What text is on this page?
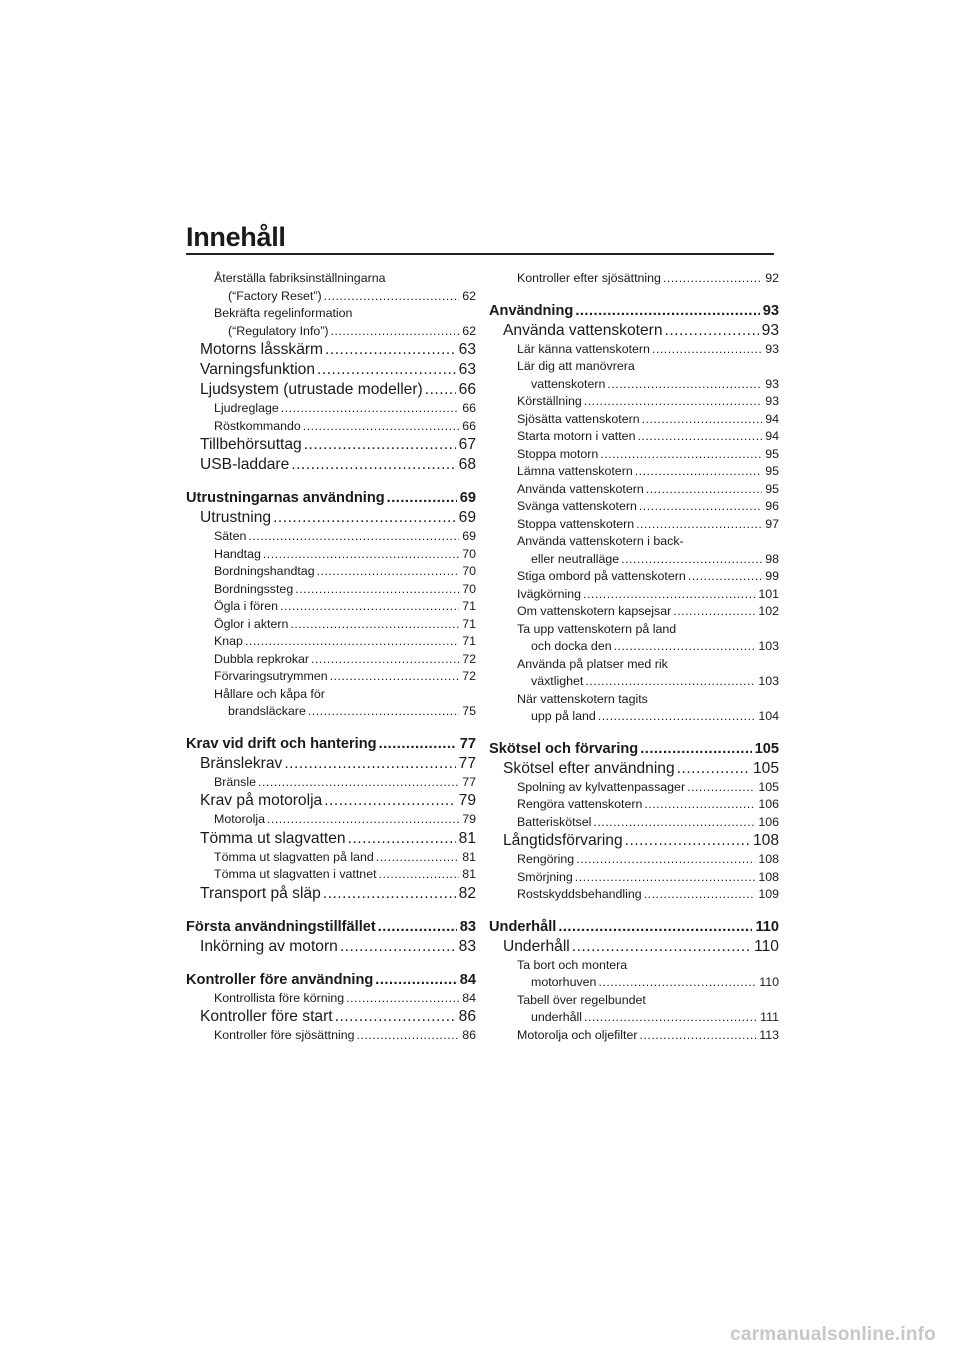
Innehåll
Återställa fabriksinställningarna
(“Factory Reset”) .....	62
Bekräfta regelinformation
(“Regulatory Info”) .....	62
Motorns låsskärm .....	63
Varningsfunktion .....	63
Ljudsystem (utrustade modeller) ..... 66
Ljudreglage .....	66
Röstkommando .....	66
Tillbehörsuttag .....	67
USB-laddare .....	68
Utrustningarnas användning .....	69
Utrustning .....	69
Säten .....	69
Handtag .....	70
Bordningshandtag .....	70
Bordningssteg .....	70
Ögla i fören .....	71
Öglor i aktern .....	71
Knap .....	71
Dubbla repkrokar .....	72
Förvaringsutrymmen .....	72
Hållare och kåpa för
brandsläckare .....	75
Krav vid drift och hantering .....	77
Bränslekrav .....	77
Bränsle .....	77
Krav på motorolja .....	79
Motorolja .....	79
Tömma ut slagvatten .....	81
Tömma ut slagvatten på land .....	81
Tömma ut slagvatten i vattnet .....	81
Transport på släp .....	82
Första användningstillfället .....	83
Inkörning av motorn .....	83
Kontroller före användning .....	84
Kontrollista före körning .....	84
Kontroller före start .....	86
Kontroller före sjösättning .....	86
Kontroller efter sjösättning .....	92
Användning .....	93
Använda vattenskotern .....	93
Lär känna vattenskotern .....	93
Lär dig att manövrera
vattenskotern .....	93
Körställning .....	93
Sjösätta vattenskotern .....	94
Starta motorn i vatten .....	94
Stoppa motorn .....	95
Lämna vattenskotern .....	95
Använda vattenskotern .....	95
Svänga vattenskotern .....	96
Stoppa vattenskotern .....	97
Använda vattenskotern i back-
eller neutralläge .....	98
Stiga ombord på vattenskotern .....	99
Ivägkörning .....	101
Om vattenskotern kapsejsar .....	102
Ta upp vattenskotern på land
och docka den .....	103
Använda på platser med rik
växtlighet .....	103
När vattenskotern tagits
upp på land .....	104
Skötsel och förvaring .....	105
Skötsel efter användning .....	105
Spolning av kylvattenpassager .....	105
Rengöra vattenskotern .....	106
Batteriskötsel .....	106
Långtidsförvaring .....	108
Rengöring .....	108
Smörjning .....	108
Rostskyddsbehandling .....	109
Underhåll .....	110
Underhåll .....	110
Ta bort och montera
motorhuven .....	110
Tabell över regelbundet
underhåll .....	111
Motorolja och oljefilter .....	113
carmanualsonline.info
